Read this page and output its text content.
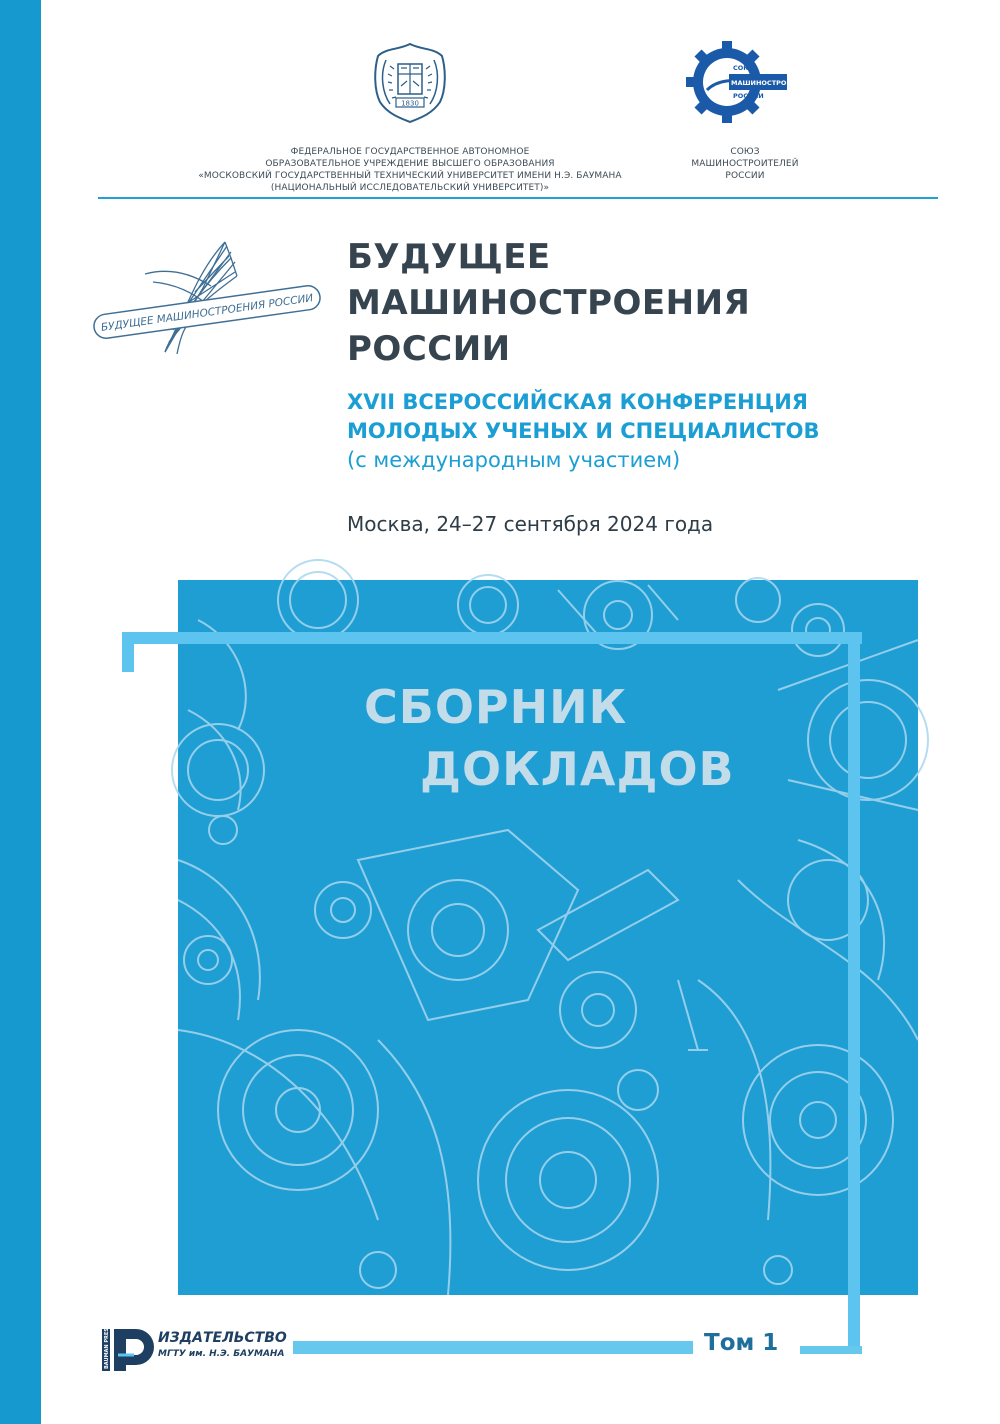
1830
ФЕДЕРАЛЬНОЕ ГОСУДАРСТВЕННОЕ АВТОНОМНОЕ
ОБРАЗОВАТЕЛЬНОЕ УЧРЕЖДЕНИЕ ВЫСШЕГО ОБРАЗОВАНИЯ
«МОСКОВСКИЙ ГОСУДАРСТВЕННЫЙ ТЕХНИЧЕСКИЙ УНИВЕРСИТЕТ ИМЕНИ Н.Э. БАУМАНА
(НАЦИОНАЛЬНЫЙ ИССЛЕДОВАТЕЛЬСКИЙ УНИВЕРСИТЕТ)»
СОЮЗ
МАШИНОСТРОИТЕЛЕЙ
РОССИИ
СОЮЗ
МАШИНОСТРОИТЕЛЕЙ
РОССИИ
БУДУЩЕЕ МАШИНОСТРОЕНИЯ РОССИИ
БУДУЩЕЕ
МАШИНОСТРОЕНИЯ
РОССИИ
XVII ВСЕРОССИЙСКАЯ КОНФЕРЕНЦИЯ
МОЛОДЫХ УЧЕНЫХ И СПЕЦИАЛИСТОВ
(с международным участием)
Москва, 24–27 сентября 2024 года
СБОРНИК
ДОКЛАДОВ
BAUMAN PRESS	ИЗДАТЕЛЬСТВО
МГТУ им. Н.Э. БАУМАНА	Том 1
